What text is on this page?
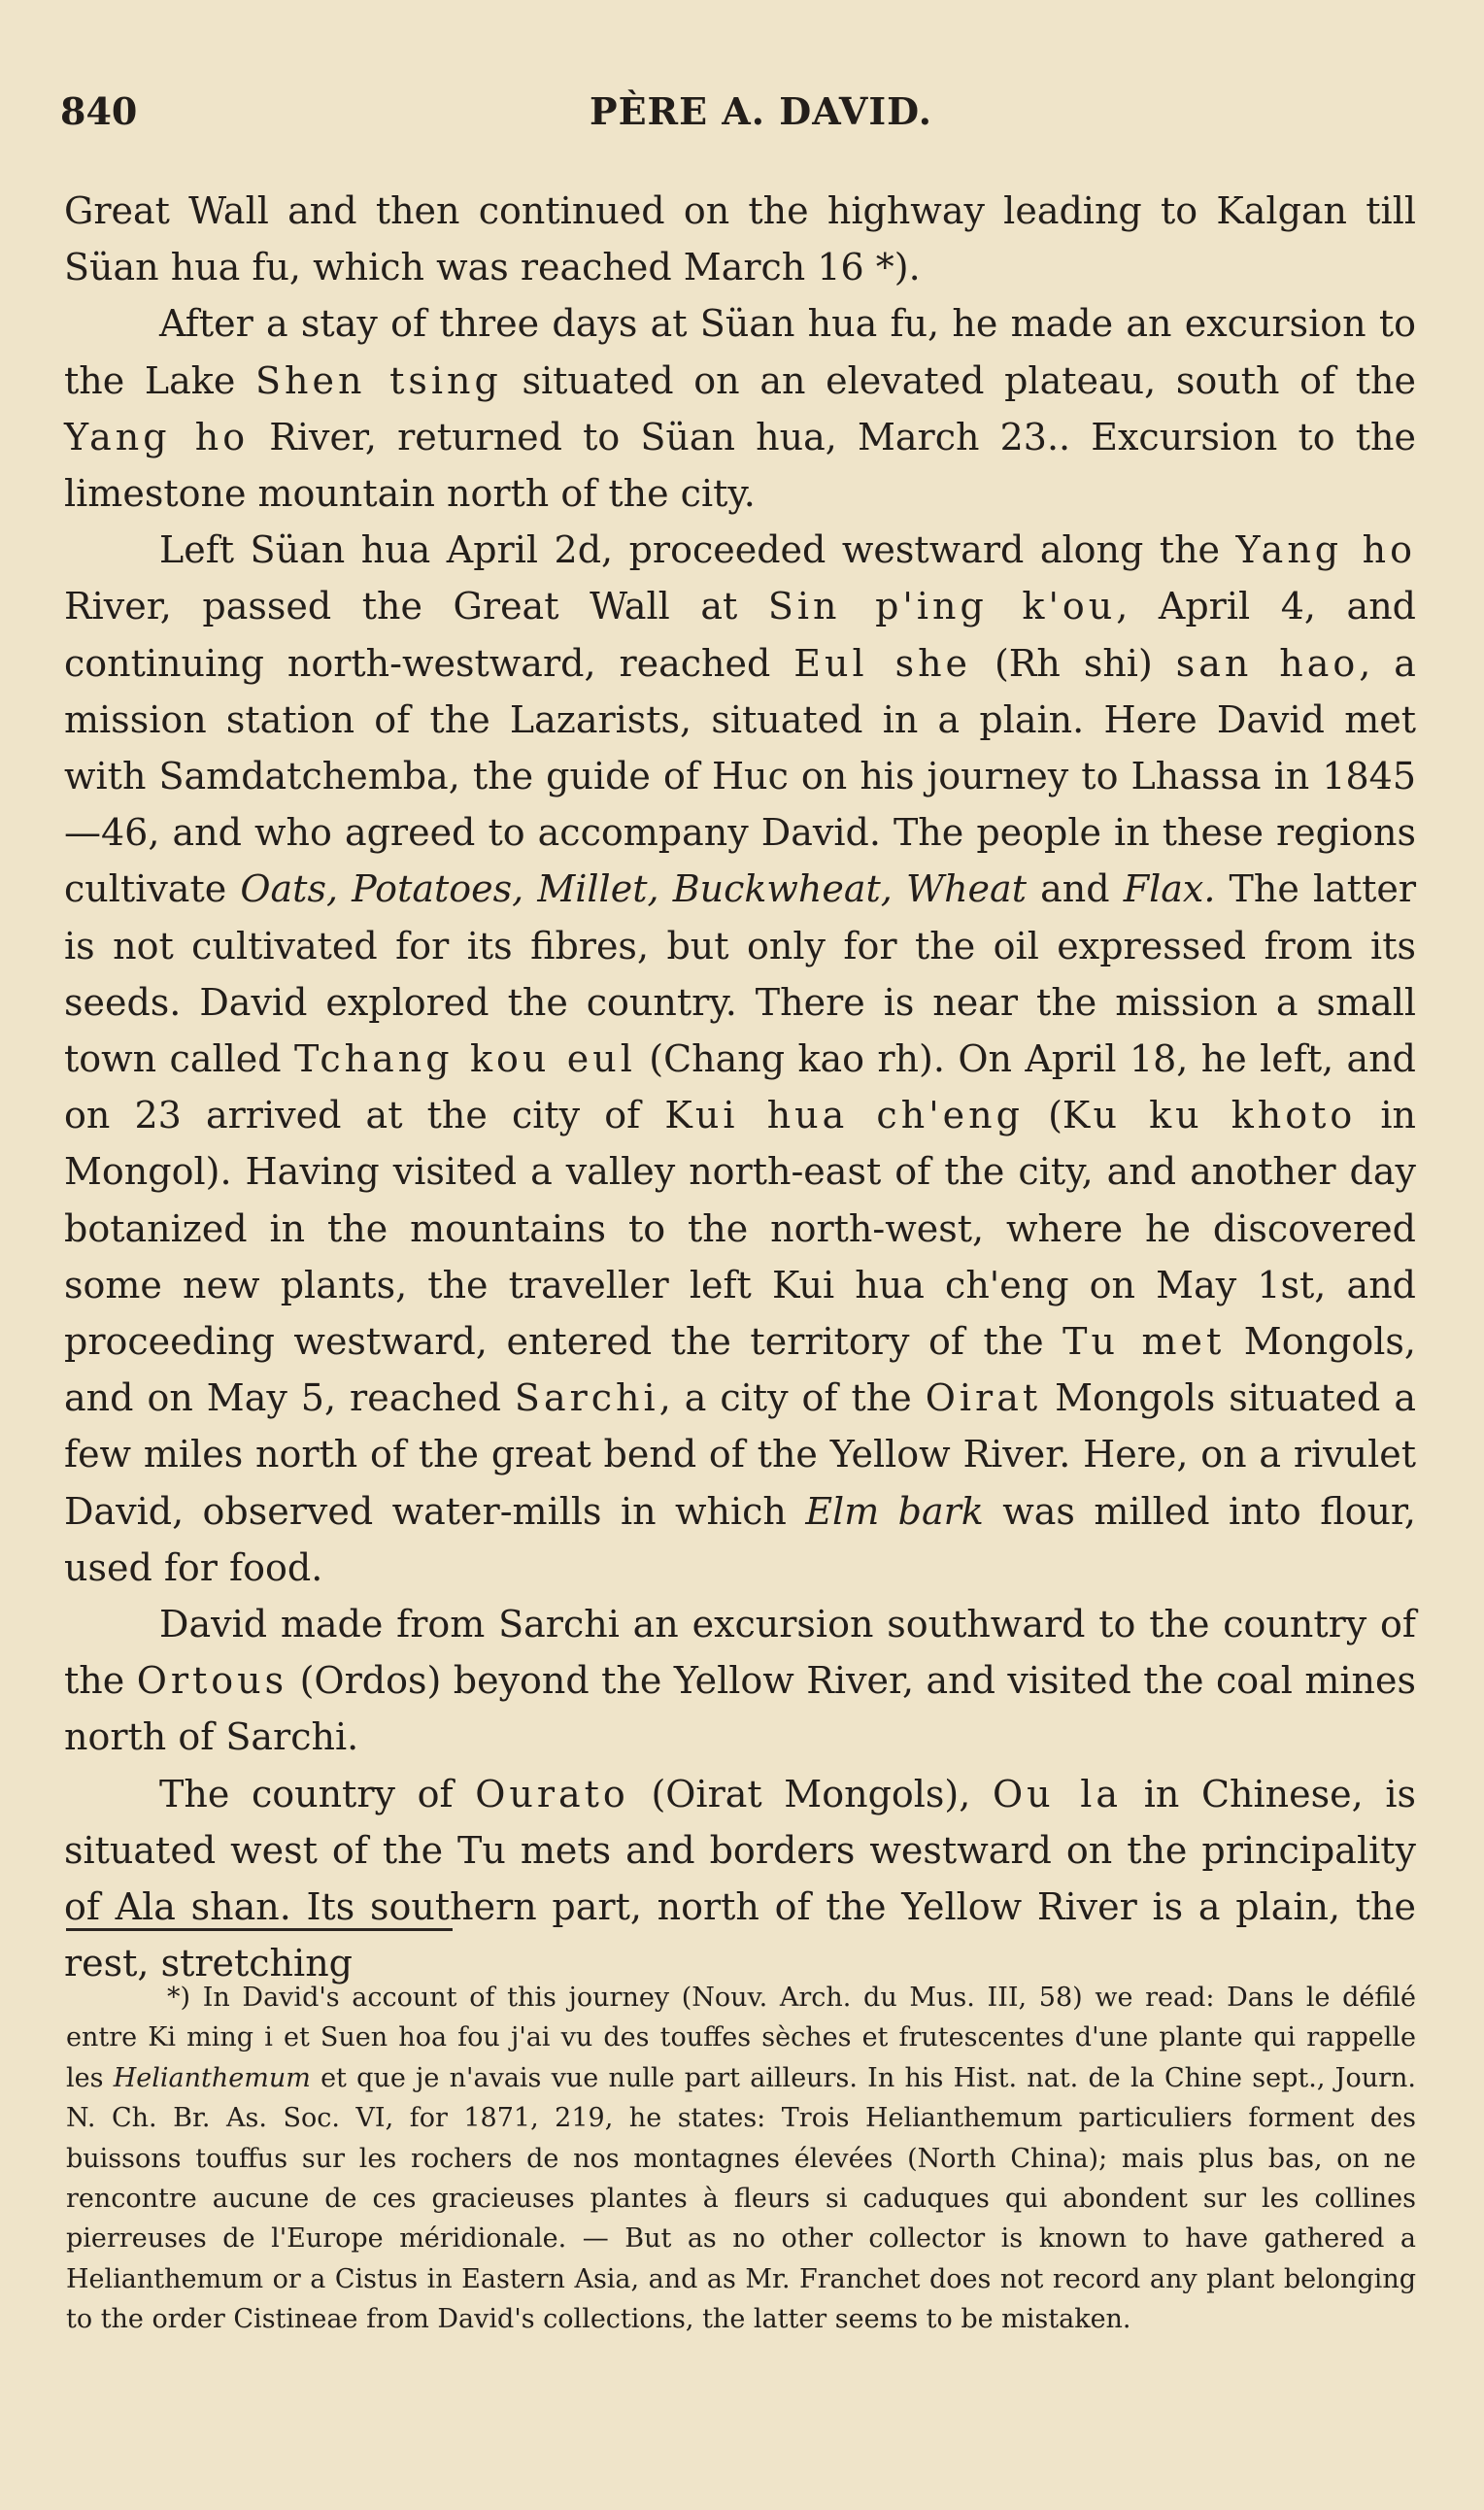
840	PÈRE A. DAVID.

Great Wall and then continued on the highway leading to Kalgan till Süan hua fu, which was reached March 16 *).

After a stay of three days at Süan hua fu, he made an excursion to the Lake Shen tsing situated on an elevated plateau, south of the Yang ho River, returned to Süan hua, March 23.. Excursion to the limestone mountain north of the city.

Left Süan hua April 2d, proceeded westward along the Yang ho River, passed the Great Wall at Sin p'ing k'ou, April 4, and continuing north-westward, reached Eul she (Rh shi) san hao, a mission station of the Lazarists, situated in a plain. Here David met with Samdatchemba, the guide of Huc on his journey to Lhassa in 1845—46, and who agreed to accompany David. The people in these regions cultivate Oats, Potatoes, Millet, Buckwheat, Wheat and Flax. The latter is not cultivated for its fibres, but only for the oil expressed from its seeds. David explored the country. There is near the mission a small town called Tchang kou eul (Chang kao rh). On April 18, he left, and on 23 arrived at the city of Kui hua ch'eng (Ku ku khoto in Mongol). Having visited a valley north-east of the city, and another day botanized in the mountains to the north-west, where he discovered some new plants, the traveller left Kui hua ch'eng on May 1st, and proceeding westward, entered the territory of the Tu met Mongols, and on May 5, reached Sarchi, a city of the Oirat Mongols situated a few miles north of the great bend of the Yellow River. Here, on a rivulet David, observed water-mills in which Elm bark was milled into flour, used for food.

David made from Sarchi an excursion southward to the country of the Ortous (Ordos) beyond the Yellow River, and visited the coal mines north of Sarchi.

The country of Ourato (Oirat Mongols), Ou la in Chinese, is situated west of the Tu mets and borders westward on the principality of Ala shan. Its southern part, north of the Yellow River is a plain, the rest, stretching

*) In David's account of this journey (Nouv. Arch. du Mus. III, 58) we read: Dans le défilé entre Ki ming i et Suen hoa fou j'ai vu des touffes sèches et frutescentes d'une plante qui rappelle les Helianthemum et que je n'avais vue nulle part ailleurs. In his Hist. nat. de la Chine sept., Journ. N. Ch. Br. As. Soc. VI, for 1871, 219, he states: Trois Helianthemum particuliers forment des buissons touffus sur les rochers de nos montagnes élevées (North China); mais plus bas, on ne rencontre aucune de ces gracieuses plantes à fleurs si caduques qui abondent sur les collines pierreuses de l'Europe méridionale. — But as no other collector is known to have gathered a Helianthemum or a Cistus in Eastern Asia, and as Mr. Franchet does not record any plant belonging to the order Cistineae from David's collections, the latter seems to be mistaken.
